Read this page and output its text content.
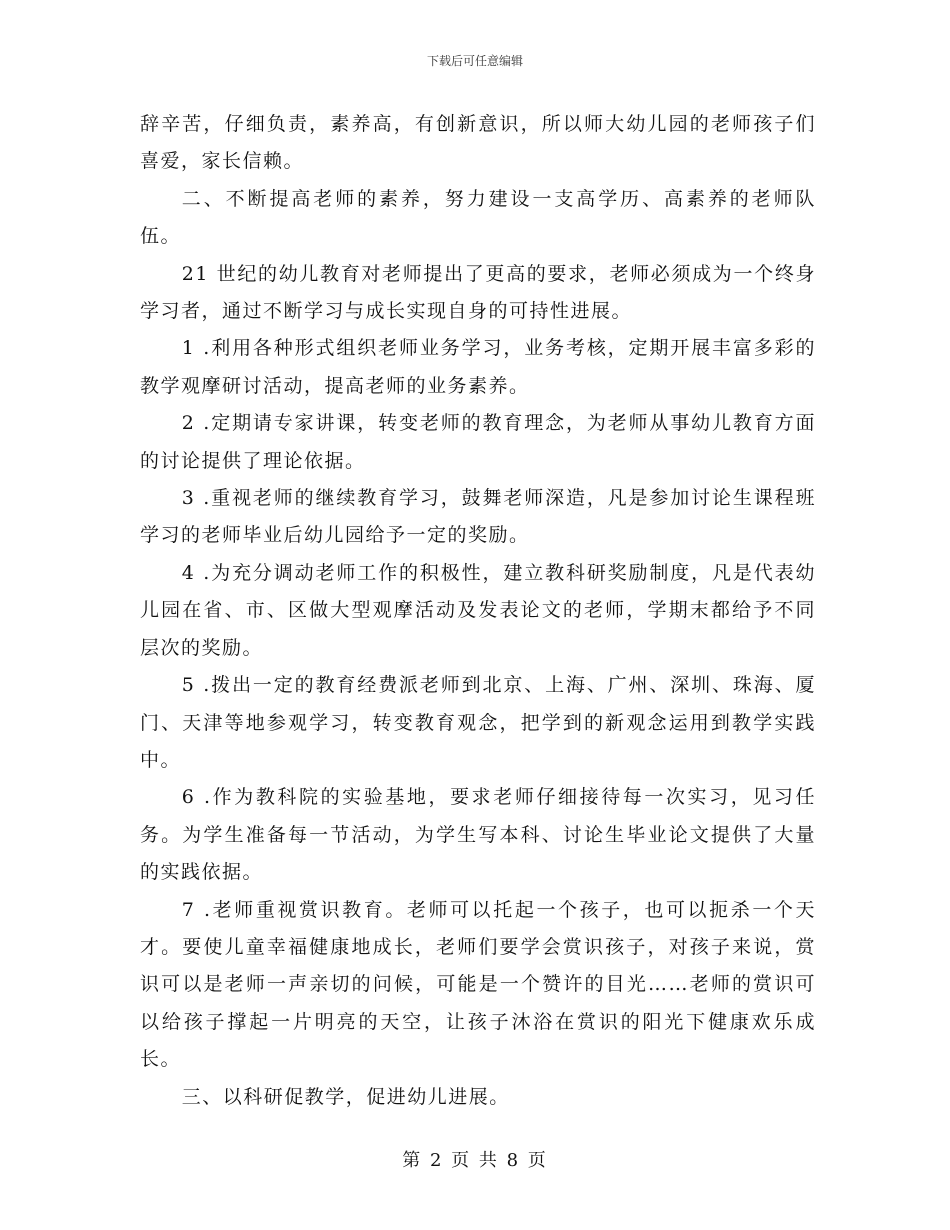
下载后可任意编辑

辞辛苦，仔细负责，素养高，有创新意识，所以师大幼儿园的老师孩子们喜爱，家长信赖。

二、不断提高老师的素养，努力建设一支高学历、高素养的老师队伍。

21 世纪的幼儿教育对老师提出了更高的要求，老师必须成为一个终身学习者，通过不断学习与成长实现自身的可持性进展。

1 .利用各种形式组织老师业务学习，业务考核，定期开展丰富多彩的教学观摩研讨活动，提高老师的业务素养。

2 .定期请专家讲课，转变老师的教育理念，为老师从事幼儿教育方面的讨论提供了理论依据。

3 .重视老师的继续教育学习，鼓舞老师深造，凡是参加讨论生课程班学习的老师毕业后幼儿园给予一定的奖励。

4 .为充分调动老师工作的积极性，建立教科研奖励制度，凡是代表幼儿园在省、市、区做大型观摩活动及发表论文的老师，学期末都给予不同层次的奖励。

5 .拨出一定的教育经费派老师到北京、上海、广州、深圳、珠海、厦门、天津等地参观学习，转变教育观念，把学到的新观念运用到教学实践中。

6 .作为教科院的实验基地，要求老师仔细接待每一次实习，见习任务。为学生准备每一节活动，为学生写本科、讨论生毕业论文提供了大量的实践依据。

7 .老师重视赏识教育。老师可以托起一个孩子，也可以扼杀一个天才。要使儿童幸福健康地成长，老师们要学会赏识孩子，对孩子来说，赏识可以是老师一声亲切的问候，可能是一个赞许的目光……老师的赏识可以给孩子撑起一片明亮的天空，让孩子沐浴在赏识的阳光下健康欢乐成长。

三、以科研促教学，促进幼儿进展。

第 2 页 共 8 页
